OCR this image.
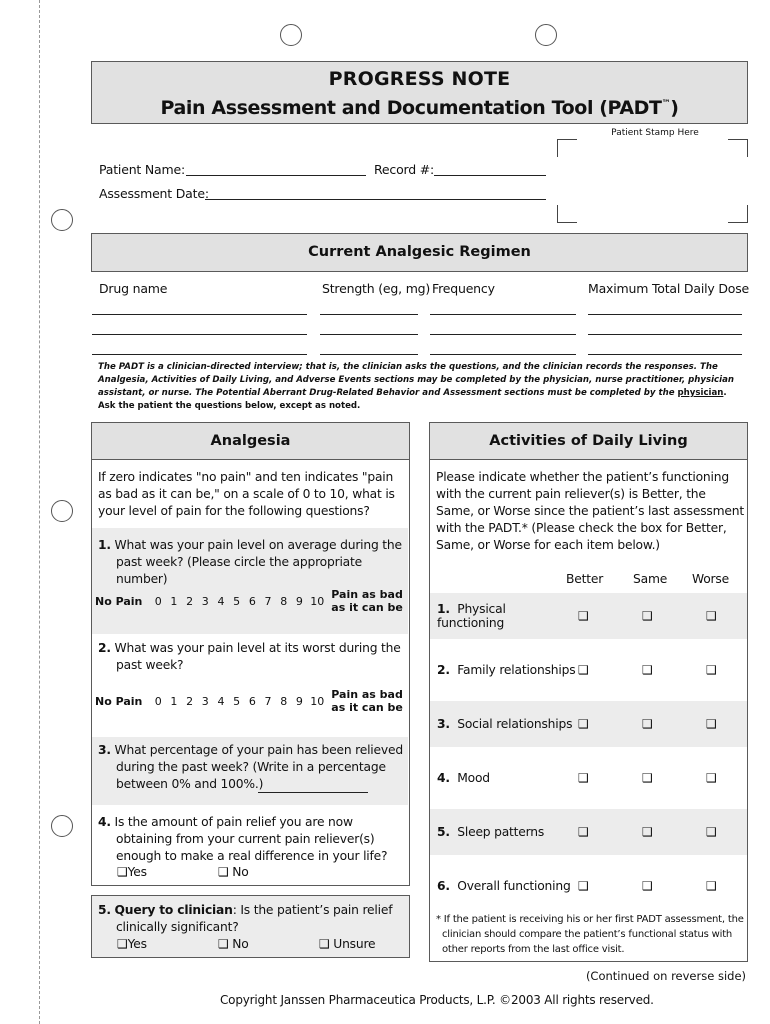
PROGRESS NOTE
Pain Assessment and Documentation Tool (PADT™)
Patient Stamp Here
Patient Name:	Record #:
Assessment Date:
Current Analgesic Regimen
Drug name	Strength (eg, mg) Frequency	Maximum Total Daily Dose
The PADT is a clinician-directed interview; that is, the clinician asks the questions, and the clinician records the responses. The Analgesia, Activities of Daily Living, and Adverse Events sections may be completed by the physician, nurse practitioner, physician assistant, or nurse. The Potential Aberrant Drug-Related Behavior and Assessment sections must be completed by the physician. Ask the patient the questions below, except as noted.
Analgesia
If zero indicates "no pain" and ten indicates "pain as bad as it can be," on a scale of 0 to 10, what is your level of pain for the following questions?
1. What was your pain level on average during the past week? (Please circle the appropriate number)
No Pain	0 1 2 3 4 5 6 7 8 9 10 Pain as bad
as it can be
2. What was your pain level at its worst during the past week?
No Pain	0 1 2 3 4 5 6 7 8 9 10 Pain as bad
as it can be
3. What percentage of your pain has been relieved during the past week? (Write in a percentage between 0% and 100%.)
4. Is the amount of pain relief you are now obtaining from your current pain reliever(s) enough to make a real difference in your life?
❑Yes	❑ No
5. Query to clinician: Is the patient’s pain relief clinically significant?
❑Yes	❑ No	❑ Unsure
Activities of Daily Living
Please indicate whether the patient’s functioning with the current pain reliever(s) is Better, the Same, or Worse since the patient’s last assessment with the PADT.* (Please check the box for Better, Same, or Worse for each item below.)
Better Same Worse
1. Physical functioning	❑	❑	❑
2. Family relationships ❑	❑	❑
3. Social relationships ❑	❑	❑
4. Mood	❑	❑	❑
5. Sleep patterns	❑	❑	❑
6. Overall functioning ❑	❑	❑
* If the patient is receiving his or her first PADT assessment, the clinician should compare the patient’s functional status with other reports from the last office visit.
(Continued on reverse side)
Copyright Janssen Pharmaceutica Products, L.P. ©2003 All rights reserved.
